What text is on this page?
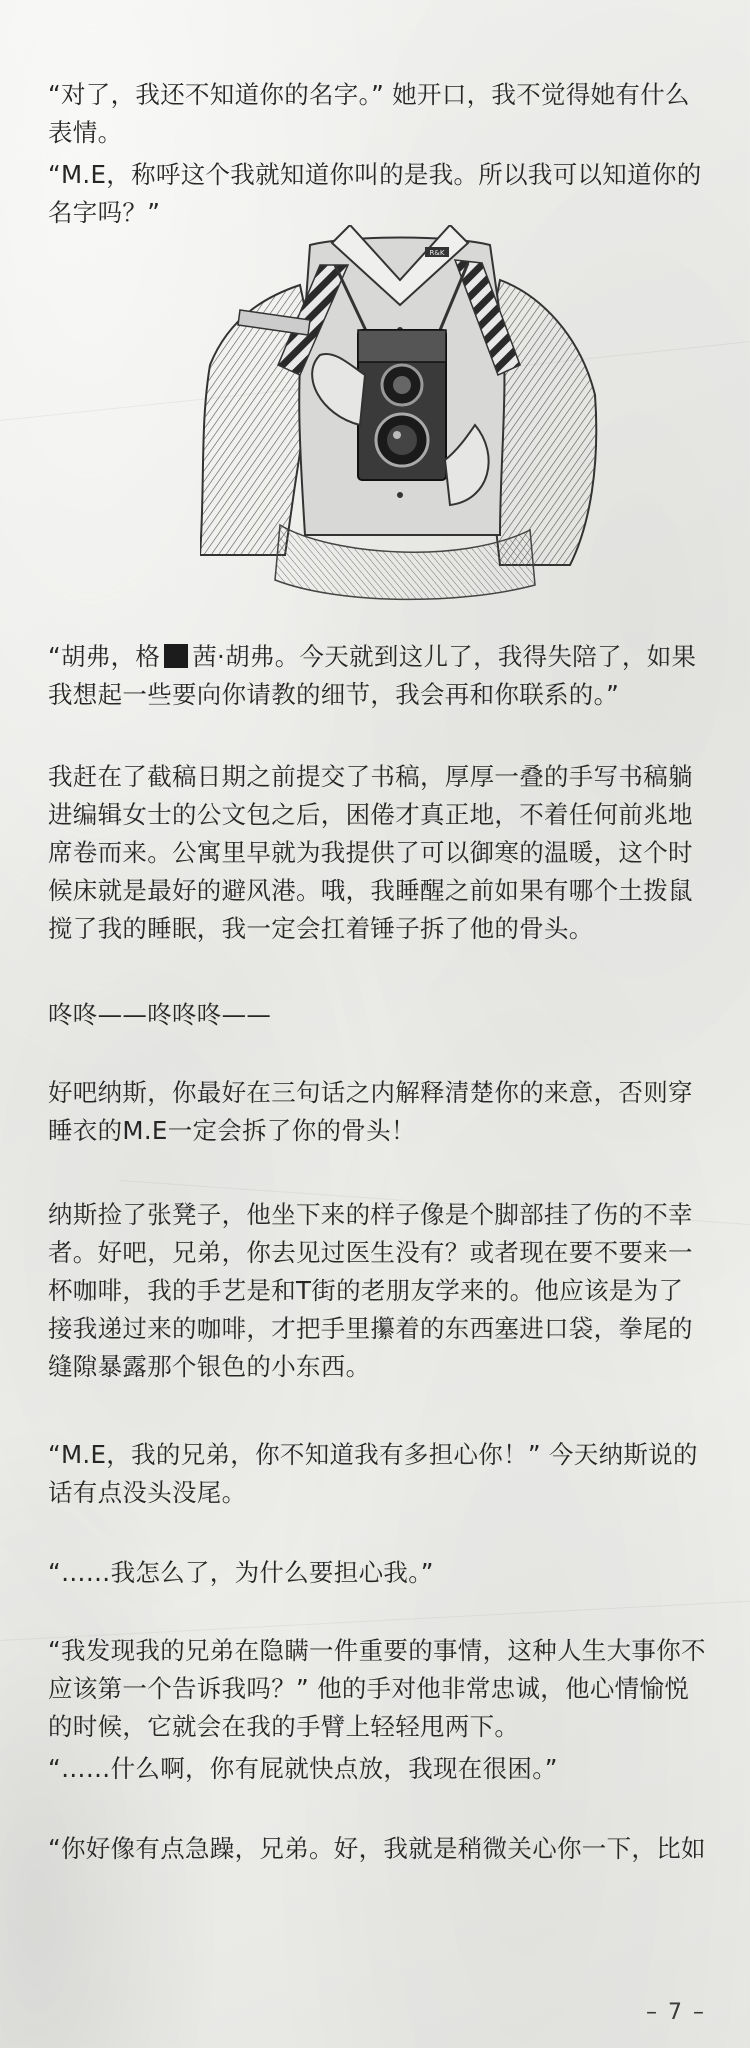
“对了，我还不知道你的名字。” 她开口，我不觉得她有什么表情。

“M.E，称呼这个我就知道你叫的是我。所以我可以知道你的名字吗？”

R&K

“胡弗，格 茜·胡弗。今天就到这儿了，我得失陪了，如果我想起一些要向你请教的细节，我会再和你联系的。”

我赶在了截稿日期之前提交了书稿，厚厚一叠的手写书稿躺进编辑女士的公文包之后，困倦才真正地，不着任何前兆地席卷而来。公寓里早就为我提供了可以御寒的温暖，这个时候床就是最好的避风港。哦，我睡醒之前如果有哪个土拨鼠搅了我的睡眠，我一定会扛着锤子拆了他的骨头。

咚咚——咚咚咚——

好吧纳斯，你最好在三句话之内解释清楚你的来意，否则穿睡衣的M.E一定会拆了你的骨头！

纳斯捡了张凳子，他坐下来的样子像是个脚部挂了伤的不幸者。好吧，兄弟，你去见过医生没有？或者现在要不要来一杯咖啡，我的手艺是和T街的老朋友学来的。他应该是为了接我递过来的咖啡，才把手里攥着的东西塞进口袋，拳尾的缝隙暴露那个银色的小东西。

“M.E，我的兄弟，你不知道我有多担心你！” 今天纳斯说的话有点没头没尾。

“……我怎么了，为什么要担心我。”

“我发现我的兄弟在隐瞒一件重要的事情，这种人生大事你不应该第一个告诉我吗？” 他的手对他非常忠诚，他心情愉悦的时候，它就会在我的手臂上轻轻甩两下。

“……什么啊，你有屁就快点放，我现在很困。”

“你好像有点急躁，兄弟。好，我就是稍微关心你一下，比如

– 7 –
